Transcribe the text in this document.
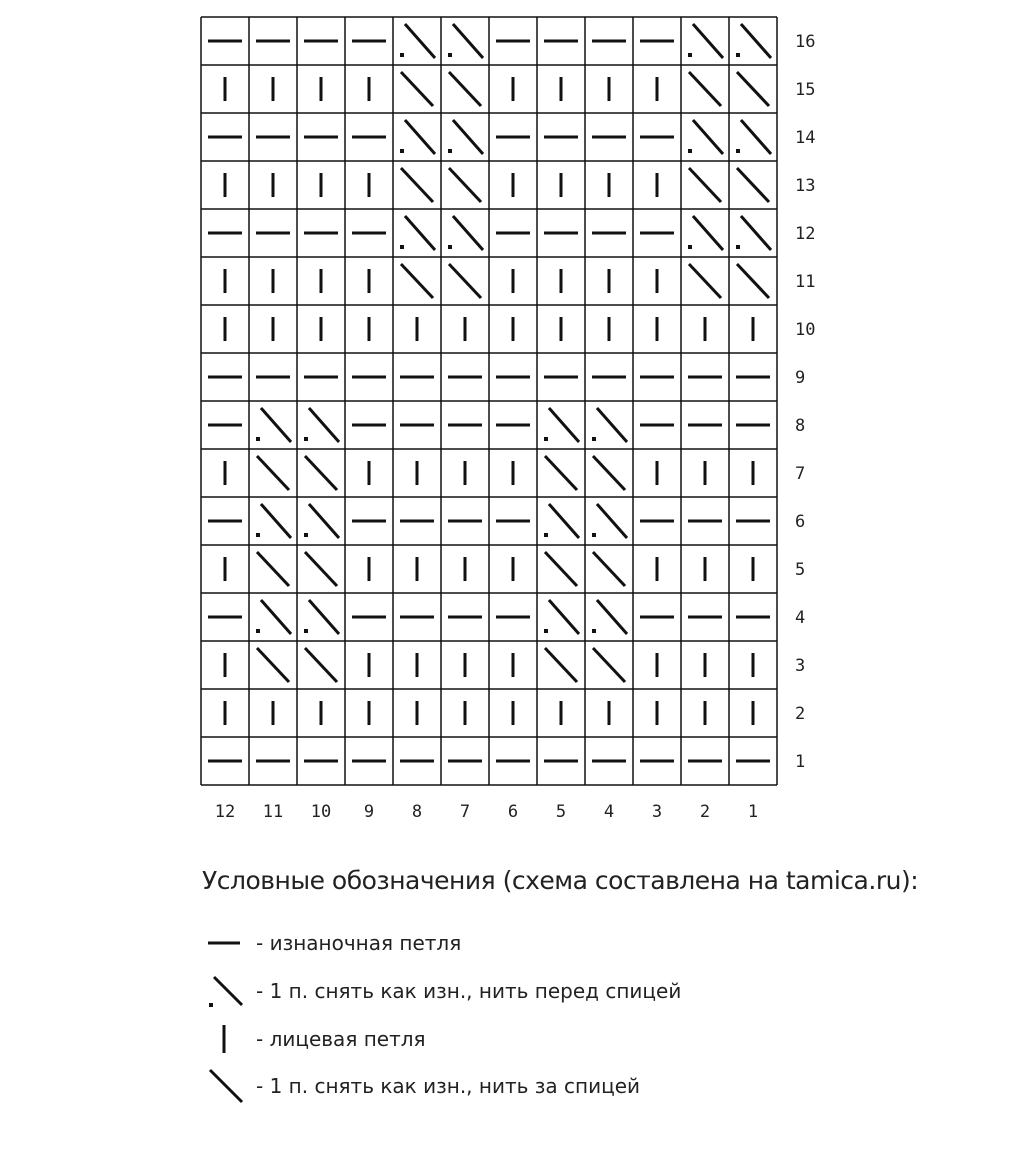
16
15
14
13
12
11
10
9
8
7
6
5
4
3
2
1
12 11 10 9 8 7 6 5 4 3 2 1
Условные обозначения (схема составлена на tamica.ru):
- изнаночная петля
- 1 п. снять как изн., нить перед спицей
- лицевая петля
- 1 п. снять как изн., нить за спицей
